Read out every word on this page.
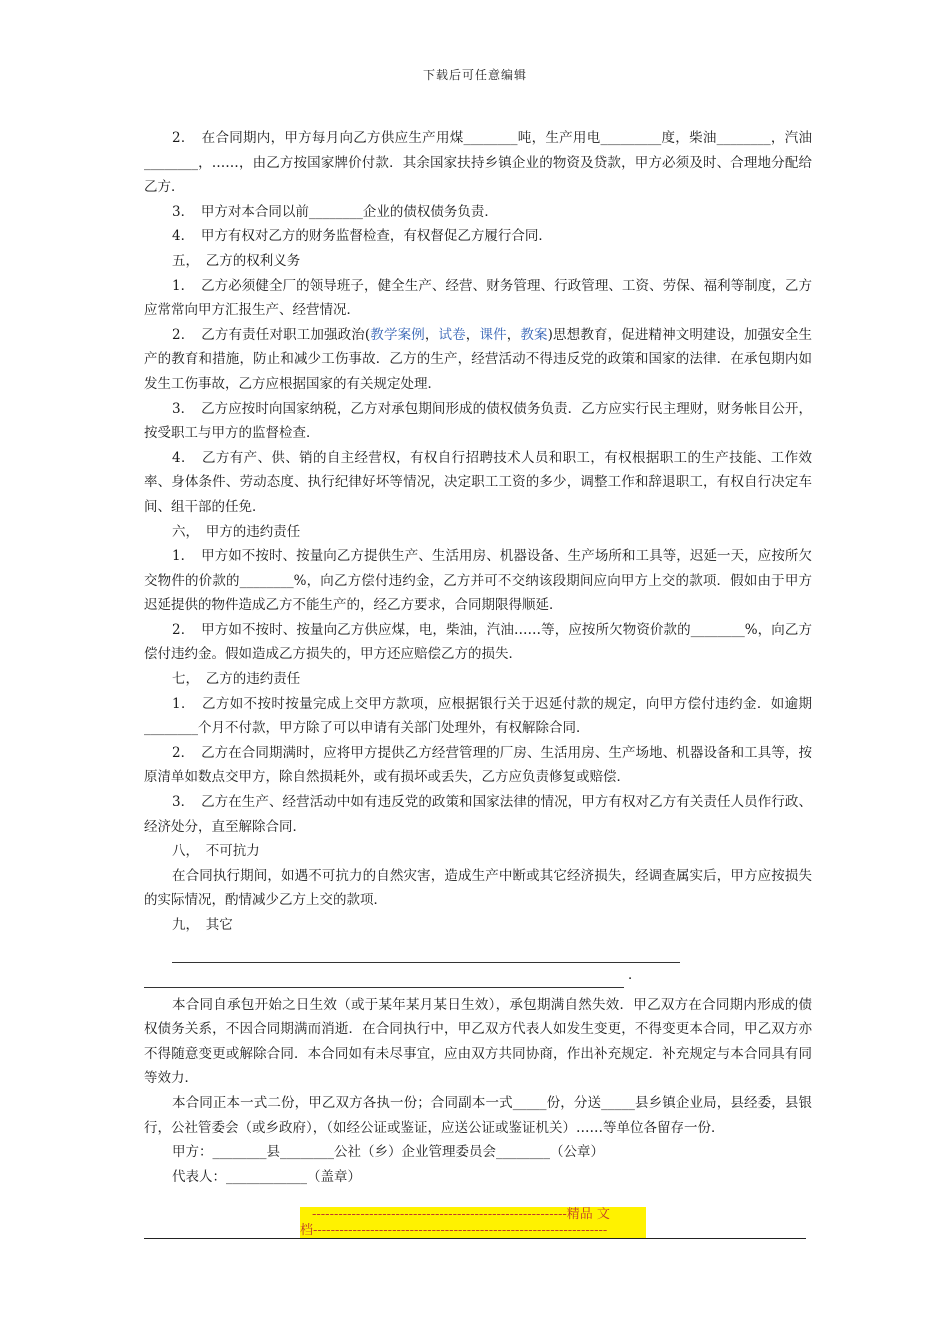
下载后可任意编辑

2．　在合同期内，甲方每月向乙方供应生产用煤________吨，生产用电_________度，柴油________，汽油________，……，由乙方按国家牌价付款．其余国家扶持乡镇企业的物资及贷款，甲方必须及时、合理地分配给乙方．

3．　甲方对本合同以前________企业的债权债务负责．

4．　甲方有权对乙方的财务监督检查，有权督促乙方履行合同．

五，　乙方的权利义务

1．　乙方必须健全厂的领导班子，健全生产、经营、财务管理、行政管理、工资、劳保、福利等制度，乙方应常常向甲方汇报生产、经营情况．

2．　乙方有责任对职工加强政治(教学案例，试卷，课件，教案)思想教育，促进精神文明建设，加强安全生产的教育和措施，防止和减少工伤事故．乙方的生产，经营活动不得违反党的政策和国家的法律．在承包期内如发生工伤事故，乙方应根据国家的有关规定处理．

3．　乙方应按时向国家纳税，乙方对承包期间形成的债权债务负责．乙方应实行民主理财，财务帐目公开，按受职工与甲方的监督检查．

4．　乙方有产、供、销的自主经营权，有权自行招聘技术人员和职工，有权根据职工的生产技能、工作效率、身体条件、劳动态度、执行纪律好坏等情况，决定职工工资的多少，调整工作和辞退职工，有权自行决定车间、组干部的任免．

六，　甲方的违约责任

1．　甲方如不按时、按量向乙方提供生产、生活用房、机器设备、生产场所和工具等，迟延一天，应按所欠交物件的价款的________%，向乙方偿付违约金，乙方并可不交纳该段期间应向甲方上交的款项．假如由于甲方迟延提供的物件造成乙方不能生产的，经乙方要求，合同期限得顺延．

2．　甲方如不按时、按量向乙方供应煤，电，柴油，汽油……等，应按所欠物资价款的________%，向乙方偿付违约金。假如造成乙方损失的，甲方还应赔偿乙方的损失．

七，　乙方的违约责任

1．　乙方如不按时按量完成上交甲方款项，应根据银行关于迟延付款的规定，向甲方偿付违约金．如逾期________个月不付款，甲方除了可以申请有关部门处理外，有权解除合同．

2．　乙方在合同期满时，应将甲方提供乙方经营管理的厂房、生活用房、生产场地、机器设备和工具等，按原清单如数点交甲方，除自然损耗外，或有损坏或丢失，乙方应负责修复或赔偿．

3．　乙方在生产、经营活动中如有违反党的政策和国家法律的情况，甲方有权对乙方有关责任人员作行政、经济处分，直至解除合同．

八，　不可抗力

在合同执行期间，如遇不可抗力的自然灾害，造成生产中断或其它经济损失，经调查属实后，甲方应按损失的实际情况，酌情减少乙方上交的款项．

九，　其它

．

本合同自承包开始之日生效（或于某年某月某日生效），承包期满自然失效．甲乙双方在合同期内形成的债权债务关系，不因合同期满而消逝．在合同执行中，甲乙双方代表人如发生变更，不得变更本合同，甲乙双方亦不得随意变更或解除合同．本合同如有未尽事宜，应由双方共同协商，作出补充规定．补充规定与本合同具有同等效力．

本合同正本一式二份，甲乙双方各执一份；合同副本一式_____份，分送_____县乡镇企业局，县经委，县银行，公社管委会（或乡政府），（如经公证或鉴证，应送公证或鉴证机关）……等单位各留存一份．

甲方：________县________公社（乡）企业管理委员会________（公章）

代表人：____________（盖章）

----------------------------------------------------------精品 文
档-------------------------------------------------------------------
